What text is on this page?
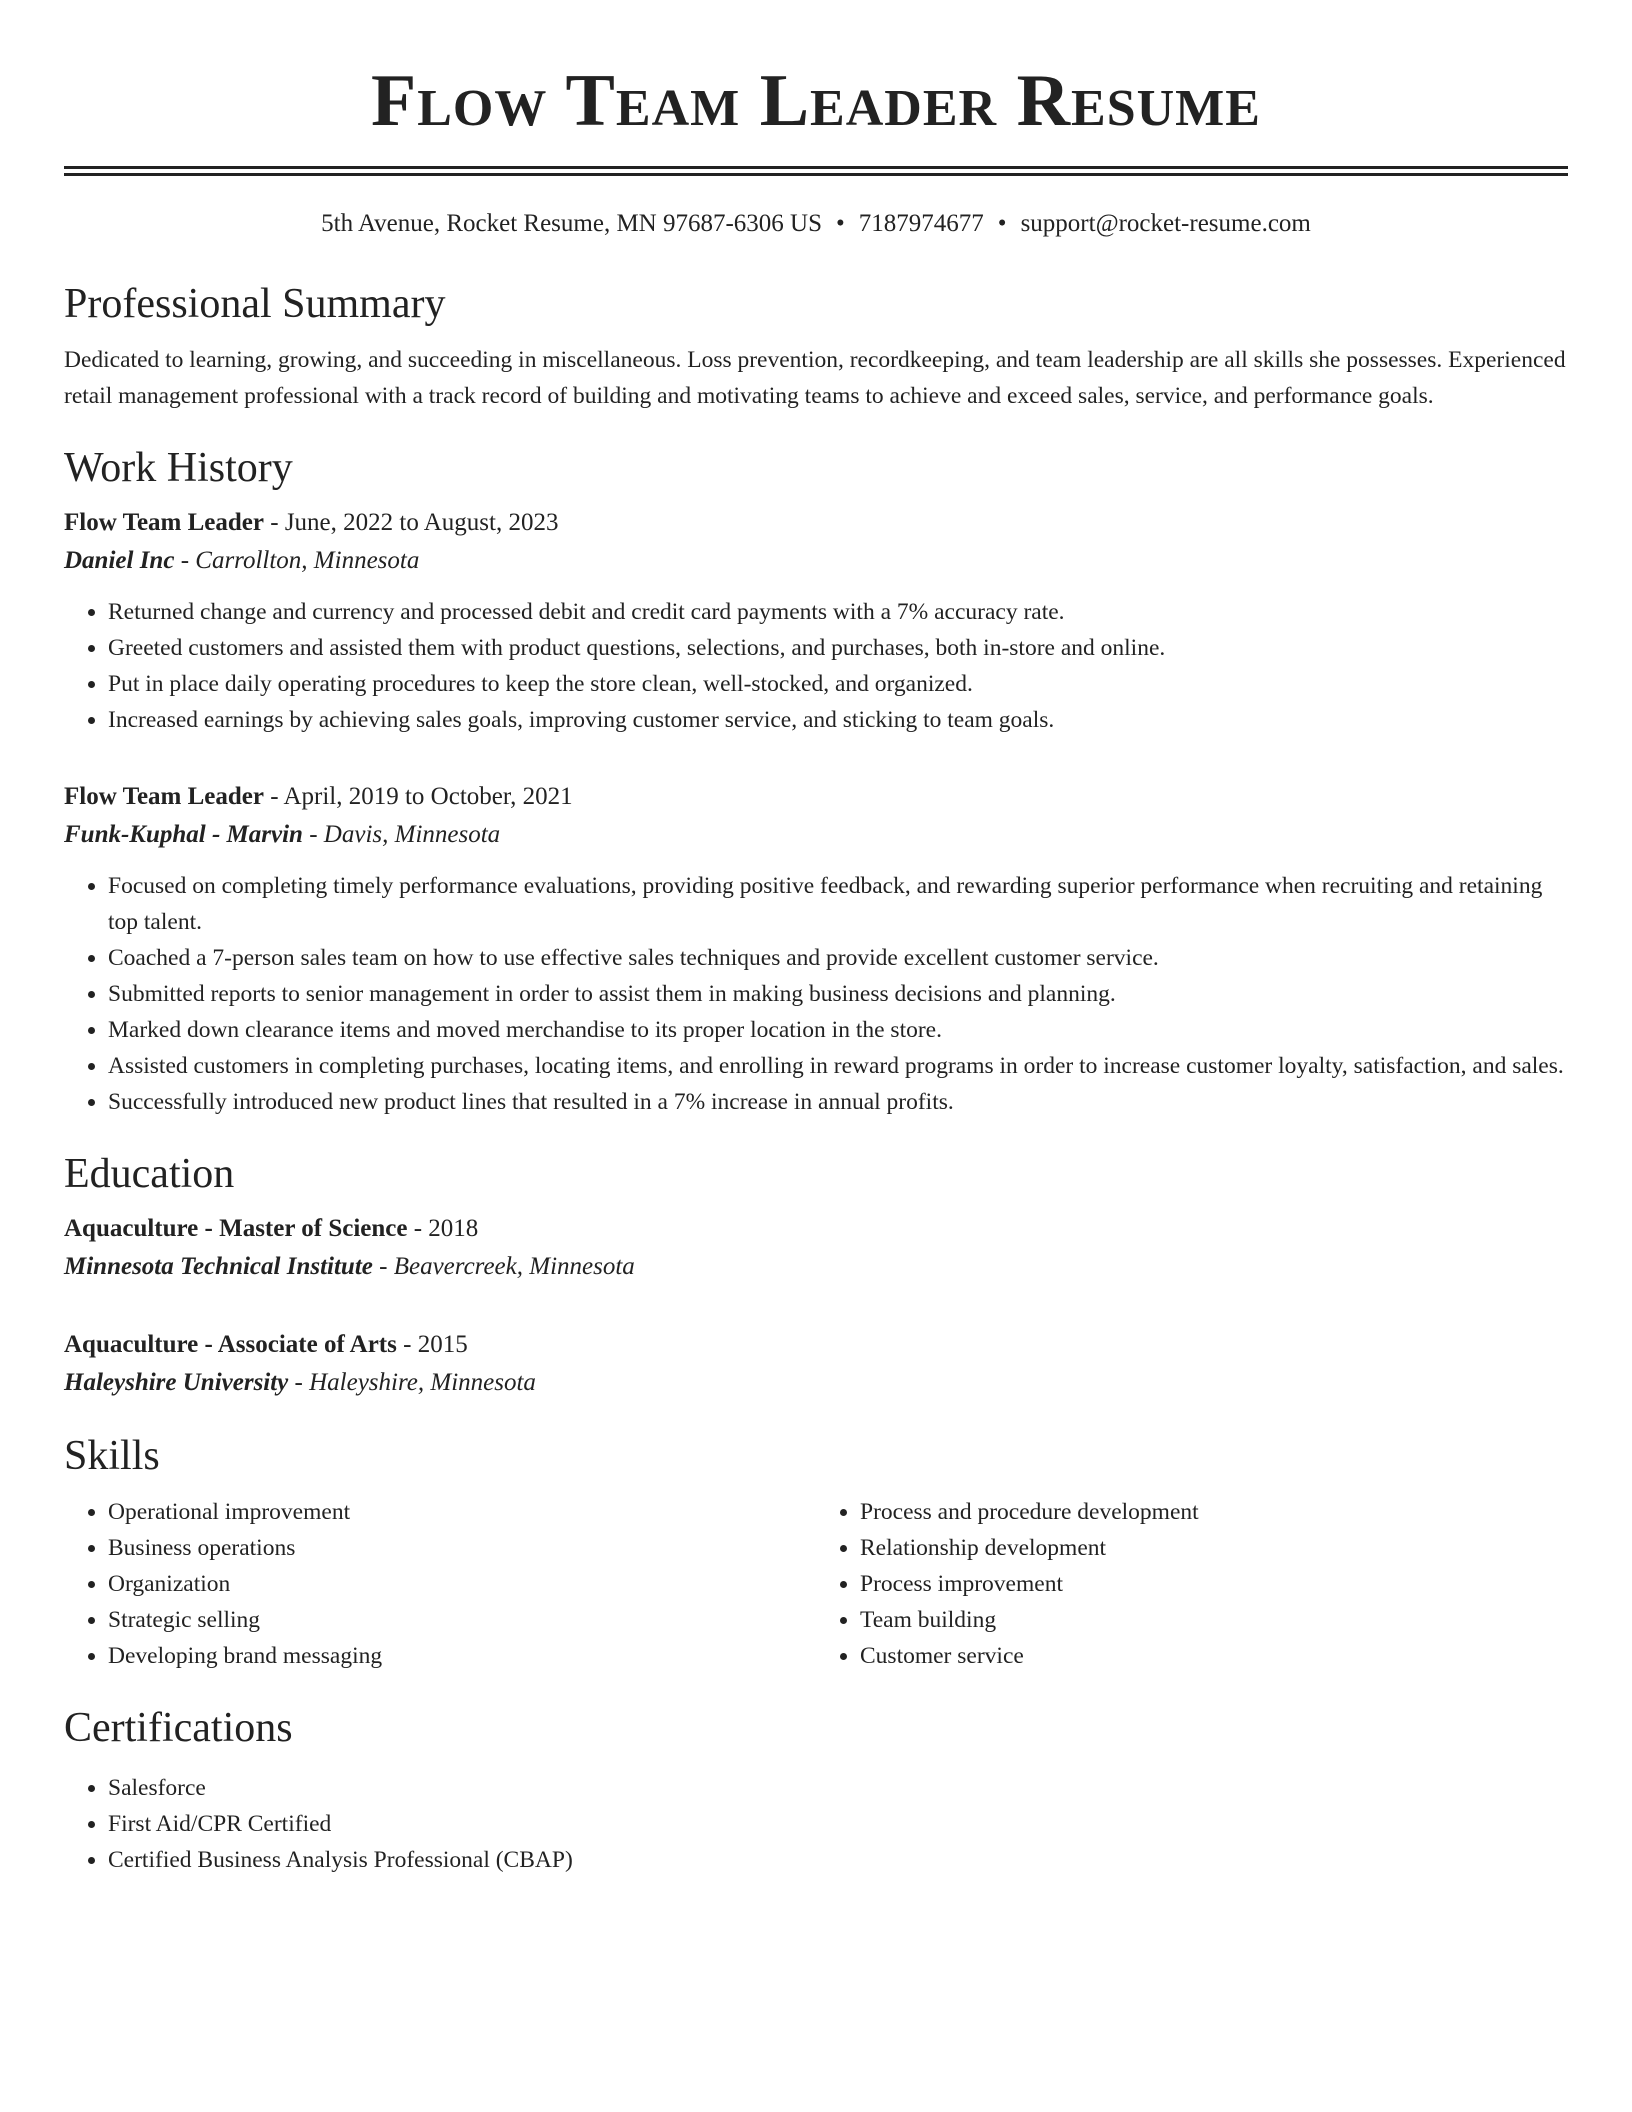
Flow Team Leader Resume
5th Avenue, Rocket Resume, MN 97687-6306 US • 7187974677 • support@rocket-resume.com
Professional Summary

Dedicated to learning, growing, and succeeding in miscellaneous. Loss prevention, recordkeeping, and team leadership are all skills she possesses. Experienced retail management professional with a track record of building and motivating teams to achieve and exceed sales, service, and performance goals.

Work History

Flow Team Leader - June, 2022 to August, 2023

Daniel Inc - Carrollton, Minnesota

• Returned change and currency and processed debit and credit card payments with a 7% accuracy rate.
• Greeted customers and assisted them with product questions, selections, and purchases, both in-store and online.
• Put in place daily operating procedures to keep the store clean, well-stocked, and organized.
• Increased earnings by achieving sales goals, improving customer service, and sticking to team goals.

Flow Team Leader - April, 2019 to October, 2021

Funk-Kuphal - Marvin - Davis, Minnesota

• Focused on completing timely performance evaluations, providing positive feedback, and rewarding superior performance when recruiting and retaining top talent.
• Coached a 7-person sales team on how to use effective sales techniques and provide excellent customer service.
• Submitted reports to senior management in order to assist them in making business decisions and planning.
• Marked down clearance items and moved merchandise to its proper location in the store.
• Assisted customers in completing purchases, locating items, and enrolling in reward programs in order to increase customer loyalty, satisfaction, and sales.
• Successfully introduced new product lines that resulted in a 7% increase in annual profits.
Education

Aquaculture - Master of Science - 2018

Minnesota Technical Institute - Beavercreek, Minnesota

Aquaculture - Associate of Arts - 2015

Haleyshire University - Haleyshire, Minnesota

Skills
• Operational improvement
• Business operations
• Organization
• Strategic selling
• Developing brand messaging
• Process and procedure development
• Relationship development
• Process improvement
• Team building
• Customer service
Certifications
• Salesforce
• First Aid/CPR Certified
• Certified Business Analysis Professional (CBAP)
